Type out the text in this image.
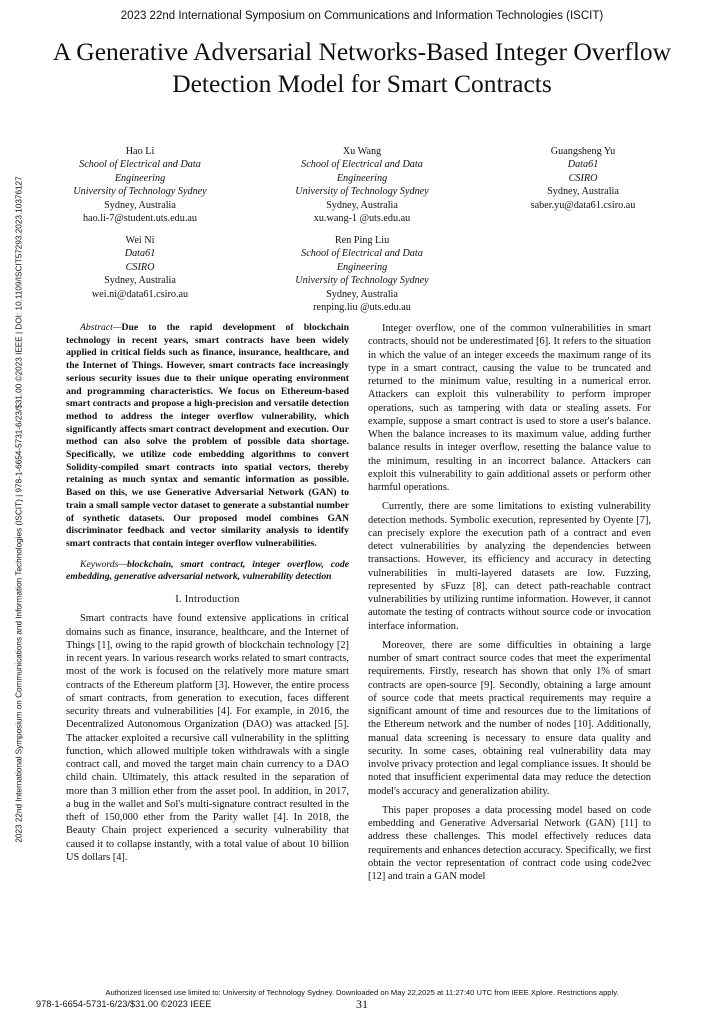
2023 22nd International Symposium on Communications and Information Technologies (ISCIT)
A Generative Adversarial Networks-Based Integer Overflow Detection Model for Smart Contracts
2023 22nd International Symposium on Communications and Information Technologies (ISCIT) | 978-1-6654-5731-6/23/$31.00 ©2023 IEEE | DOI: 10.1109/ISCIT57293.2023.10376127
Hao Li
School of Electrical and Data
Engineering
University of Technology Sydney
Sydney, Australia
hao.li-7@student.uts.edu.au
Xu Wang
School of Electrical and Data
Engineering
University of Technology Sydney
Sydney, Australia
xu.wang-1 @uts.edu.au
Guangsheng Yu
Data61
CSIRO
Sydney, Australia
saber.yu@data61.csiro.au
Wei Ni
Data61
CSIRO
Sydney, Australia
wei.ni@data61.csiro.au
Ren Ping Liu
School of Electrical and Data
Engineering
University of Technology Sydney
Sydney, Australia
renping.liu @uts.edu.au

Abstract—Due to the rapid development of blockchain technology in recent years, smart contracts have been widely applied in critical fields such as finance, insurance, healthcare, and the Internet of Things. However, smart contracts face increasingly serious security issues due to their unique operating environment and programming characteristics. We focus on Ethereum-based smart contracts and propose a high-precision and versatile detection method to address the integer overflow vulnerability, which significantly affects smart contract development and execution. Our method can also solve the problem of possible data shortage. Specifically, we utilize code embedding algorithms to convert Solidity-compiled smart contracts into spatial vectors, thereby retaining as much syntax and semantic information as possible. Based on this, we use Generative Adversarial Network (GAN) to train a small sample vector dataset to generate a substantial number of synthetic datasets. Our proposed model combines GAN discriminator feedback and vector similarity analysis to identify smart contracts that contain integer overflow vulnerabilities.

Keywords—blockchain, smart contract, integer overflow, code embedding, generative adversarial network, vulnerability detection

I. Introduction

Smart contracts have found extensive applications in critical domains such as finance, insurance, healthcare, and the Internet of Things [1], owing to the rapid growth of blockchain technology [2] in recent years. In various research works related to smart contracts, most of the work is focused on the relatively more mature smart contracts of the Ethereum platform [3]. However, the entire process of smart contracts, from generation to execution, faces different security threats and vulnerabilities [4]. For example, in 2016, the Decentralized Autonomous Organization (DAO) was attacked [5]. The attacker exploited a recursive call vulnerability in the splitting function, which allowed multiple token withdrawals with a single contract call, and moved the target main chain currency to a DAO child chain. Ultimately, this attack resulted in the separation of more than 3 million ether from the asset pool. In addition, in 2017, a bug in the wallet and Sol's multi-signature contract resulted in the theft of 150,000 ether from the Parity wallet [4]. In 2018, the Beauty Chain project experienced a security vulnerability that caused it to collapse instantly, with a total value of about 10 billion US dollars [4].

Integer overflow, one of the common vulnerabilities in smart contracts, should not be underestimated [6]. It refers to the situation in which the value of an integer exceeds the maximum range of its type in a smart contract, causing the value to be truncated and returned to the minimum value, resulting in a numerical error. Attackers can exploit this vulnerability to perform improper operations, such as tampering with data or stealing assets. For example, suppose a smart contract is used to store a user's balance. When the balance increases to its maximum value, adding further balance results in integer overflow, resetting the balance value to the minimum, resulting in an incorrect balance. Attackers can exploit this vulnerability to gain additional assets or perform other harmful operations.

Currently, there are some limitations to existing vulnerability detection methods. Symbolic execution, represented by Oyente [7], can precisely explore the execution path of a contract and even detect vulnerabilities by analyzing the dependencies between transactions. However, its efficiency and accuracy in detecting vulnerabilities in multi-layered datasets are low. Fuzzing, represented by sFuzz [8], can detect path-reachable contract vulnerabilities by utilizing runtime information. However, it cannot automate the testing of contracts without source code or invocation interface information.

Moreover, there are some difficulties in obtaining a large number of smart contract source codes that meet the experimental requirements. Firstly, research has shown that only 1% of smart contracts are open-source [9]. Secondly, obtaining a large amount of source code that meets practical requirements may require a significant amount of time and resources due to the limitations of the Ethereum network and the number of nodes [10]. Additionally, manual data screening is necessary to ensure data quality and security. In some cases, obtaining real vulnerability data may involve privacy protection and legal compliance issues. It should be noted that insufficient experimental data may reduce the detection model's accuracy and generalization ability.

This paper proposes a data processing model based on code embedding and Generative Adversarial Network (GAN) [11] to address these challenges. This model effectively reduces data requirements and enhances detection accuracy. Specifically, we first obtain the vector representation of contract code using code2vec [12] and train a GAN model

Authorized licensed use limited to: University of Technology Sydney. Downloaded on May 22,2025 at 11:27:40 UTC from IEEE Xplore. Restrictions apply.
978-1-6654-5731-6/23/$31.00 ©2023 IEEE	31
